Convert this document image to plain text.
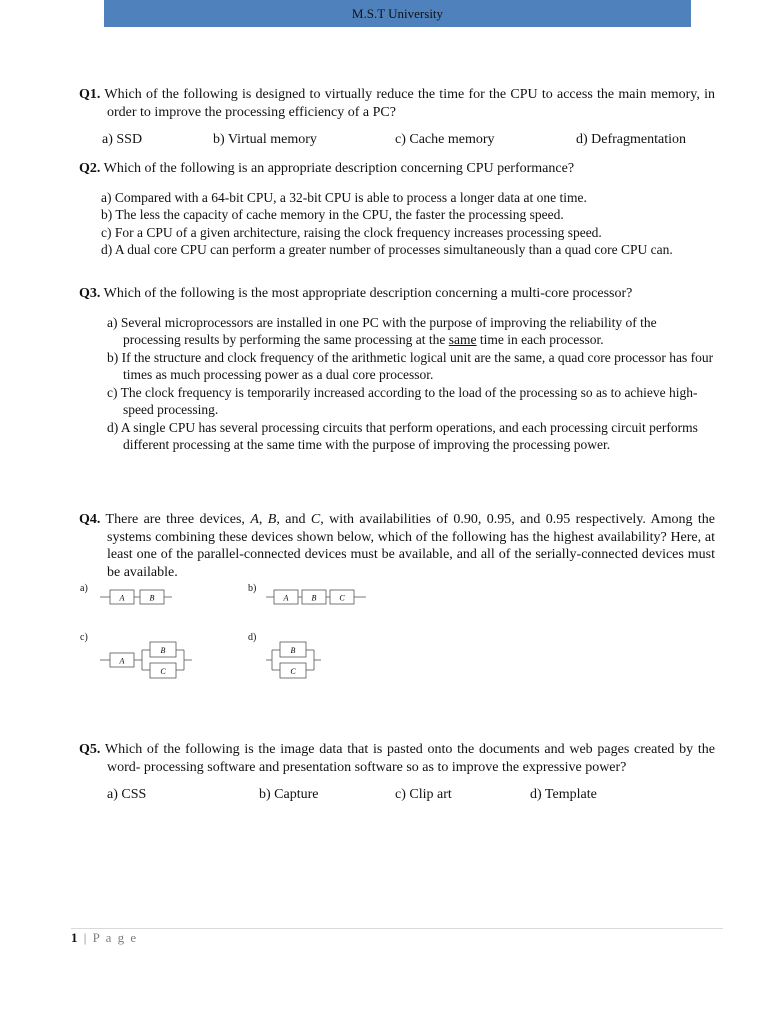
M.S.T University
Q1. Which of the following is designed to virtually reduce the time for the CPU to access the main memory, in order to improve the processing efficiency of a PC?
a) SSD	b) Virtual memory	c) Cache memory	d) Defragmentation
Q2. Which of the following is an appropriate description concerning CPU performance?
a) Compared with a 64-bit CPU, a 32-bit CPU is able to process a longer data at one time.
b) The less the capacity of cache memory in the CPU, the faster the processing speed.
c) For a CPU of a given architecture, raising the clock frequency increases processing speed.
d) A dual core CPU can perform a greater number of processes simultaneously than a quad core CPU can.
Q3. Which of the following is the most appropriate description concerning a multi-core processor?
a) Several microprocessors are installed in one PC with the purpose of improving the reliability of the processing results by performing the same processing at the same time in each processor.
b) If the structure and clock frequency of the arithmetic logical unit are the same, a quad core processor has four times as much processing power as a dual core processor.
c) The clock frequency is temporarily increased according to the load of the processing so as to achieve high- speed processing.
d) A single CPU has several processing circuits that perform operations, and each processing circuit performs different processing at the same time with the purpose of improving the processing power.
Q4. There are three devices, A, B, and C, with availabilities of 0.90, 0.95, and 0.95 respectively. Among the systems combining these devices shown below, which of the following has the highest availability? Here, at least one of the parallel-connected devices must be available, and all of the serially-connected devices must be available.
a)	b)
c)	d)
A	B	A	B	C
A
B
C
B
C
Q5. Which of the following is the image data that is pasted onto the documents and web pages created by the word- processing software and presentation software so as to improve the expressive power?
a) CSS	b) Capture	c) Clip art	d) Template
1 | P a g e
